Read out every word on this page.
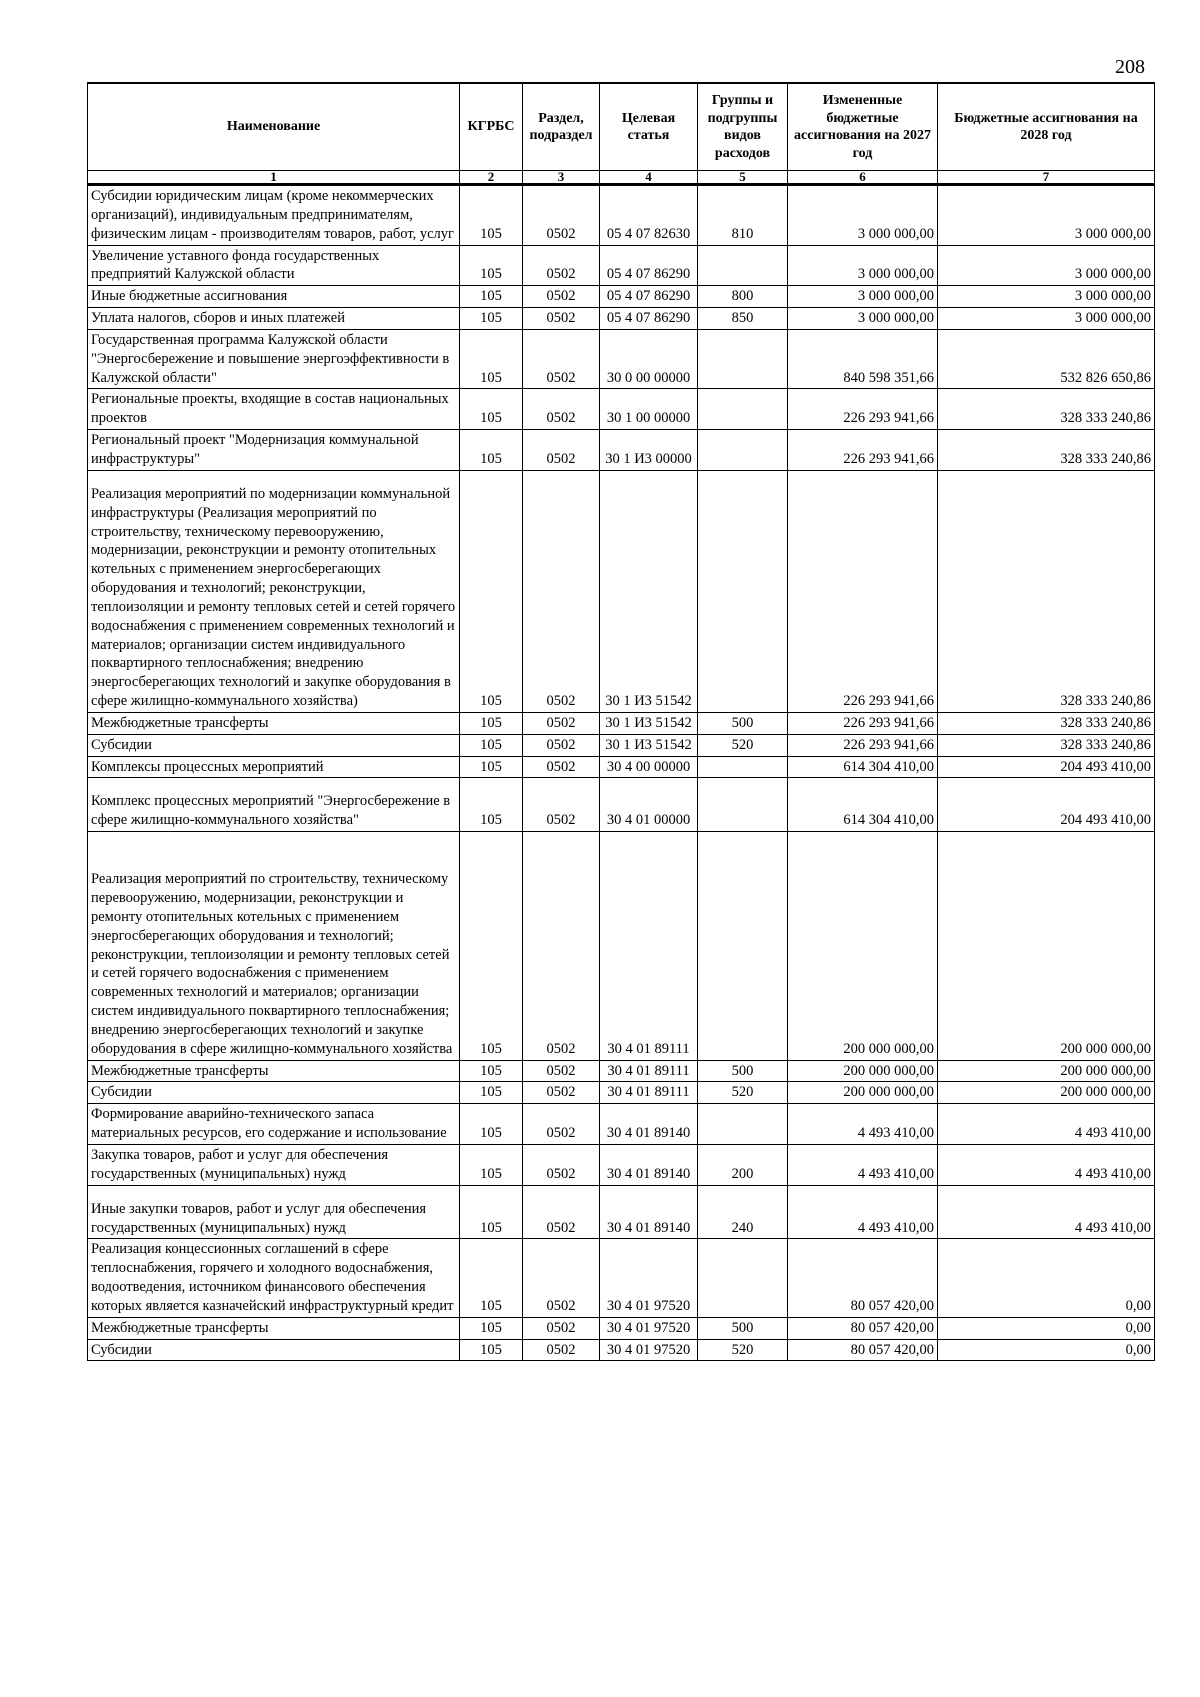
208
Наименование	КГРБС	Раздел, подраздел	Целевая статья	Группы и подгруппы видов расходов	Измененные бюджетные ассигнования на 2027 год	Бюджетные ассигнования на 2028 год
1	2	3	4	5	6	7
Субсидии юридическим лицам (кроме некоммерческих организаций), индивидуальным предпринимателям, физическим лицам - производителям товаров, работ, услуг	105	0502	05 4 07 82630	810	3 000 000,00	3 000 000,00
Увеличение уставного фонда государственных предприятий Калужской области	105	0502	05 4 07 86290		3 000 000,00	3 000 000,00
Иные бюджетные ассигнования	105	0502	05 4 07 86290	800	3 000 000,00	3 000 000,00
Уплата налогов, сборов и иных платежей	105	0502	05 4 07 86290	850	3 000 000,00	3 000 000,00
Государственная программа Калужской области "Энергосбережение и повышение энергоэффективности в Калужской области"	105	0502	30 0 00 00000		840 598 351,66	532 826 650,86
Региональные проекты, входящие в состав национальных проектов	105	0502	30 1 00 00000		226 293 941,66	328 333 240,86
Региональный проект "Модернизация коммунальной инфраструктуры"	105	0502	30 1 И3 00000		226 293 941,66	328 333 240,86
Реализация мероприятий по модернизации коммунальной инфраструктуры (Реализация мероприятий по строительству, техническому перевооружению, модернизации, реконструкции и ремонту отопительных котельных с применением энергосберегающих оборудования и технологий; реконструкции, теплоизоляции и ремонту тепловых сетей и сетей горячего водоснабжения с применением современных технологий и материалов; организации систем индивидуального поквартирного теплоснабжения; внедрению энергосберегающих технологий и закупке оборудования в сфере жилищно-коммунального хозяйства)	105	0502	30 1 И3 51542		226 293 941,66	328 333 240,86
Межбюджетные трансферты	105	0502	30 1 И3 51542	500	226 293 941,66	328 333 240,86
Субсидии	105	0502	30 1 И3 51542	520	226 293 941,66	328 333 240,86
Комплексы процессных мероприятий	105	0502	30 4 00 00000		614 304 410,00	204 493 410,00
Комплекс процессных мероприятий "Энергосбережение в сфере жилищно-коммунального хозяйства"	105	0502	30 4 01 00000		614 304 410,00	204 493 410,00
Реализация мероприятий по строительству, техническому перевооружению, модернизации, реконструкции и ремонту отопительных котельных с применением энергосберегающих оборудования и технологий; реконструкции, теплоизоляции и ремонту тепловых сетей и сетей горячего водоснабжения с применением современных технологий и материалов; организации систем индивидуального поквартирного теплоснабжения; внедрению энергосберегающих технологий и закупке оборудования в сфере жилищно-коммунального хозяйства	105	0502	30 4 01 89111		200 000 000,00	200 000 000,00
Межбюджетные трансферты	105	0502	30 4 01 89111	500	200 000 000,00	200 000 000,00
Субсидии	105	0502	30 4 01 89111	520	200 000 000,00	200 000 000,00
Формирование аварийно-технического запаса материальных ресурсов, его содержание и использование	105	0502	30 4 01 89140		4 493 410,00	4 493 410,00
Закупка товаров, работ и услуг для обеспечения государственных (муниципальных) нужд	105	0502	30 4 01 89140	200	4 493 410,00	4 493 410,00
Иные закупки товаров, работ и услуг для обеспечения государственных (муниципальных) нужд	105	0502	30 4 01 89140	240	4 493 410,00	4 493 410,00
Реализация концессионных соглашений в сфере теплоснабжения, горячего и холодного водоснабжения, водоотведения, источником финансового обеспечения которых является казначейский инфраструктурный кредит	105	0502	30 4 01 97520		80 057 420,00	0,00
Межбюджетные трансферты	105	0502	30 4 01 97520	500	80 057 420,00	0,00
Субсидии	105	0502	30 4 01 97520	520	80 057 420,00	0,00
